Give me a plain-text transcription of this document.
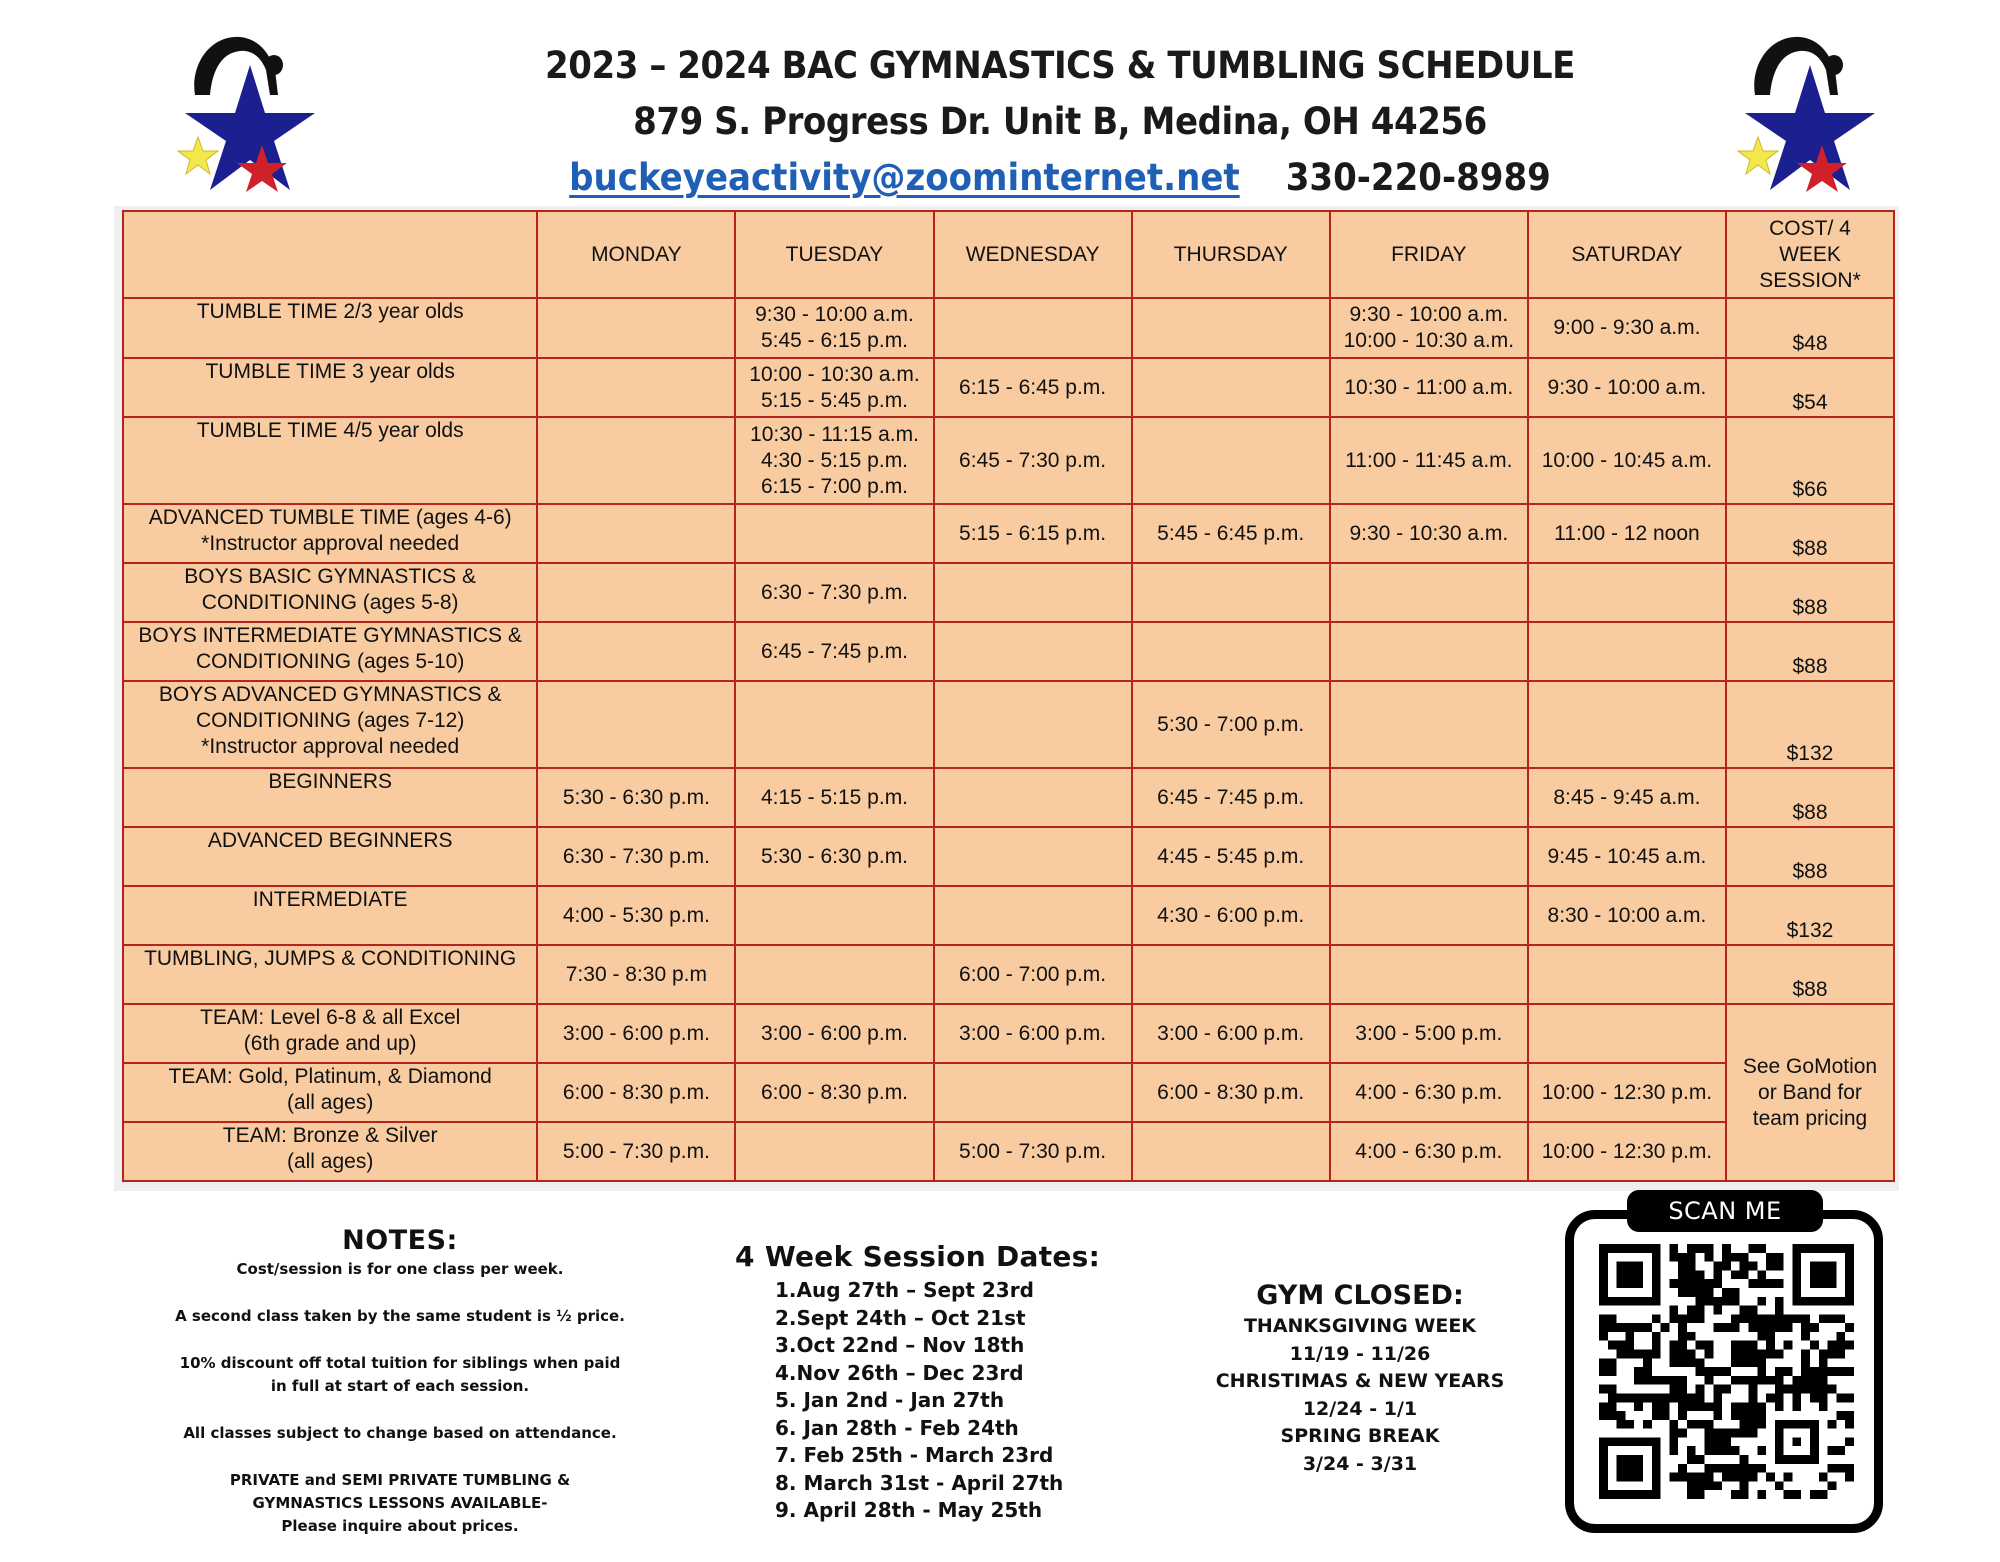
2023 – 2024 BAC GYMNASTICS & TUMBLING SCHEDULE
879 S. Progress Dr. Unit B, Medina, OH 44256
buckeyeactivity@zoominternet.net 330-220-8989
	MONDAY	TUESDAY	WEDNESDAY	THURSDAY	FRIDAY	SATURDAY	COST/ 4
WEEK
SESSION*

TUMBLE TIME 2/3 year olds		9:30 - 10:00 a.m.
5:45 - 6:15 p.m.			9:30 - 10:00 a.m.
10:00 - 10:30 a.m.	9:00 - 9:30 a.m.	$48

TUMBLE TIME 3 year olds		10:00 - 10:30 a.m.
5:15 - 5:45 p.m.	6:15 - 6:45 p.m.		10:30 - 11:00 a.m.	9:30 - 10:00 a.m.	$54

TUMBLE TIME 4/5 year olds		10:30 - 11:15 a.m.
4:30 - 5:15 p.m.
6:15 - 7:00 p.m.	6:45 - 7:30 p.m.		11:00 - 11:45 a.m.	10:00 - 10:45 a.m.	$66

ADVANCED TUMBLE TIME (ages 4-6)
*Instructor approval needed			5:15 - 6:15 p.m.	5:45 - 6:45 p.m.	9:30 - 10:30 a.m.	11:00 - 12 noon	$88

BOYS BASIC GYMNASTICS &
CONDITIONING (ages 5-8)		6:30 - 7:30 p.m.					$88

BOYS INTERMEDIATE GYMNASTICS &
CONDITIONING (ages 5-10)		6:45 - 7:45 p.m.					$88

BOYS ADVANCED GYMNASTICS &
CONDITIONING (ages 7-12)
*Instructor approval needed				5:30 - 7:00 p.m.			$132

BEGINNERS	5:30 - 6:30 p.m.	4:15 - 5:15 p.m.		6:45 - 7:45 p.m.		8:45 - 9:45 a.m.	$88

ADVANCED BEGINNERS	6:30 - 7:30 p.m.	5:30 - 6:30 p.m.		4:45 - 5:45 p.m.		9:45 - 10:45 a.m.	$88

INTERMEDIATE	4:00 - 5:30 p.m.			4:30 - 6:00 p.m.		8:30 - 10:00 a.m.	$132

TUMBLING, JUMPS & CONDITIONING	7:30 - 8:30 p.m		6:00 - 7:00 p.m.				$88

TEAM: Level 6-8 & all Excel
(6th grade and up)	3:00 - 6:00 p.m.	3:00 - 6:00 p.m.	3:00 - 6:00 p.m.	3:00 - 6:00 p.m.	3:00 - 5:00 p.m.		See GoMotion
or Band for
team pricing

TEAM: Gold, Platinum, & Diamond
(all ages)	6:00 - 8:30 p.m.	6:00 - 8:30 p.m.		6:00 - 8:30 p.m.	4:00 - 6:30 p.m.	10:00 - 12:30 p.m.	

TEAM: Bronze & Silver
(all ages)	5:00 - 7:30 p.m.		5:00 - 7:30 p.m.		4:00 - 6:30 p.m.	10:00 - 12:30 p.m.	
NOTES:

Cost/session is for one class per week.

A second class taken by the same student is ½ price.

10% discount off total tuition for siblings when paid
in full at start of each session.

All classes subject to change based on attendance.

PRIVATE and SEMI PRIVATE TUMBLING &
GYMNASTICS LESSONS AVAILABLE-
Please inquire about prices.

4 Week Session Dates:
1.Aug 27th – Sept 23rd
2.Sept 24th – Oct 21st
3.Oct 22nd – Nov 18th
4.Nov 26th – Dec 23rd
5. Jan 2nd - Jan 27th
6. Jan 28th - Feb 24th
7. Feb 25th - March 23rd
8. March 31st - April 27th
9. April 28th - May 25th
GYM CLOSED:
THANKSGIVING WEEK
11/19 - 11/26
CHRISTIMAS & NEW YEARS
12/24 - 1/1
SPRING BREAK
3/24 - 3/31
SCAN ME
